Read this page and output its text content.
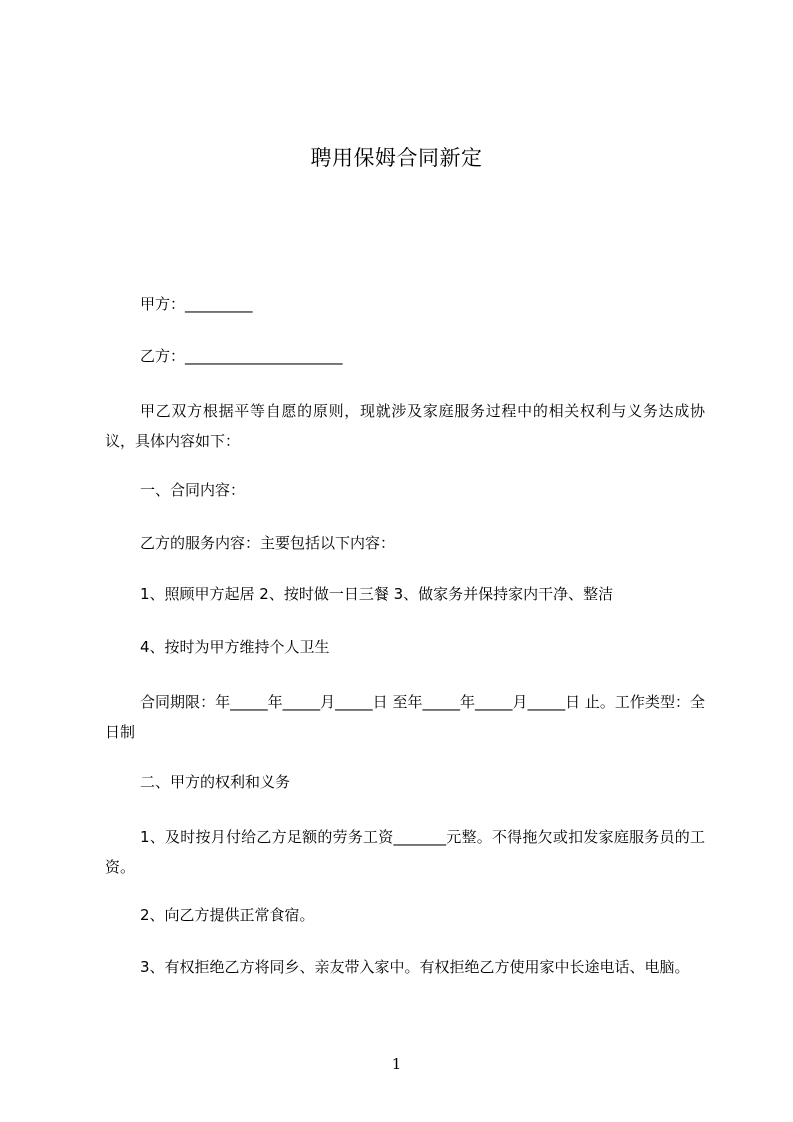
聘用保姆合同新定
甲方：_________
乙方：_____________________
甲乙双方根据平等自愿的原则，现就涉及家庭服务过程中的相关权利与义务达成协议，具体内容如下：
一、合同内容：
乙方的服务内容：主要包括以下内容：
1、照顾甲方起居 2、按时做一日三餐 3、做家务并保持家内干净、整洁
4、按时为甲方维持个人卫生
合同期限：年_____年_____月_____日 至年_____年_____月_____日 止。工作类型：全日制
二、甲方的权利和义务
1、及时按月付给乙方足额的劳务工资_______元整。不得拖欠或扣发家庭服务员的工资。
2、向乙方提供正常食宿。
3、有权拒绝乙方将同乡、亲友带入家中。有权拒绝乙方使用家中长途电话、电脑。
1
